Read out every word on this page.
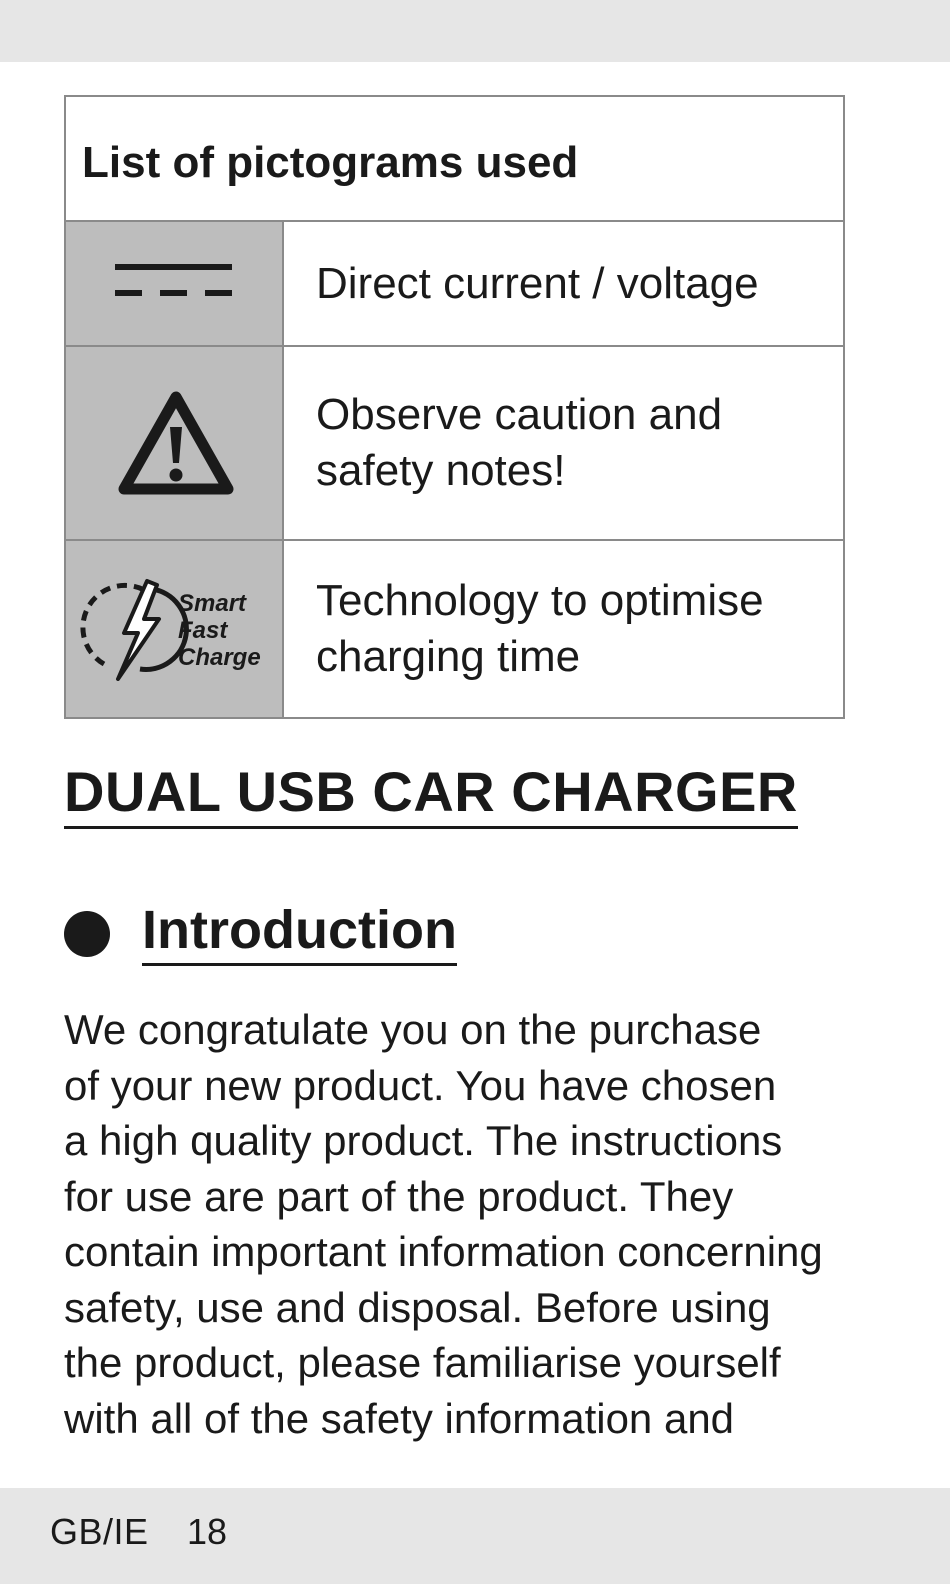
List of pictograms used
Direct current / voltage
Observe caution and
safety notes!
Smart
Fast
Charge
Technology to optimise
charging time
DUAL USB CAR CHARGER
Introduction
We congratulate you on the purchase
of your new product. You have chosen
a high quality product. The instructions
for use are part of the product. They
contain important information concerning
safety, use and disposal. Before using
the product, please familiarise yourself
with all of the safety information and
GB/IE 18
